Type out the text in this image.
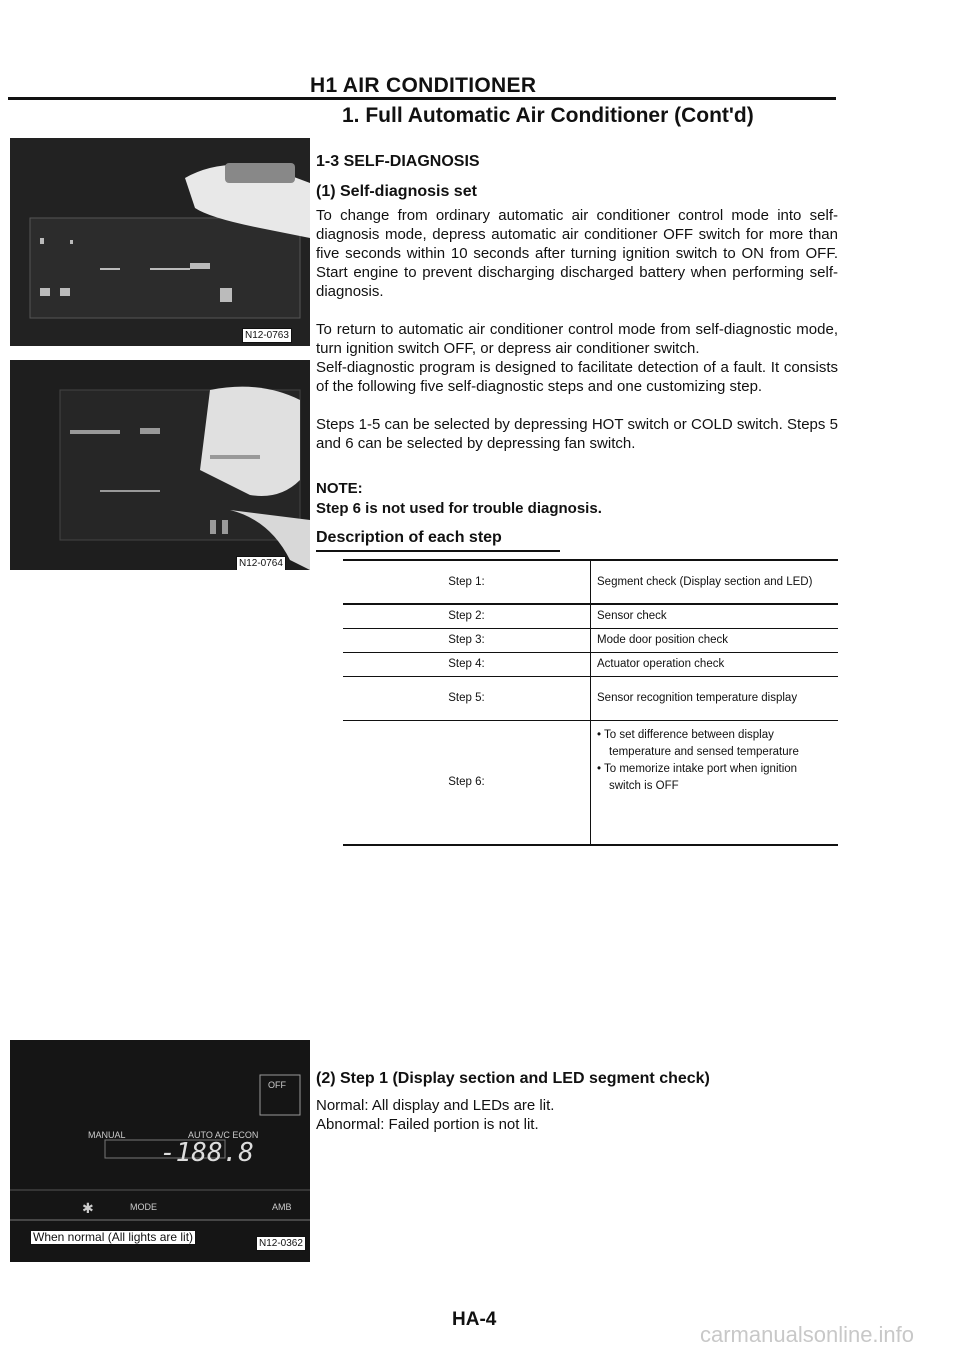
H1 AIR CONDITIONER
1. Full Automatic Air Conditioner (Cont'd)
N12-0763
N12-0764
1-3 SELF-DIAGNOSIS
(1) Self-diagnosis set
To change from ordinary automatic air conditioner control mode into self-diagnosis mode, depress automatic air conditioner OFF switch for more than five seconds within 10 seconds after turning ignition switch to ON from OFF. Start engine to prevent discharging discharged battery when performing self-diagnosis.
To return to automatic air conditioner control mode from self-diagnostic mode, turn ignition switch OFF, or depress air conditioner switch.
Self-diagnostic program is designed to facilitate detection of a fault. It consists of the following five self-diagnostic steps and one customizing step.
Steps 1-5 can be selected by depressing HOT switch or COLD switch. Steps 5 and 6 can be selected by depressing fan switch.
NOTE:
Step 6 is not used for trouble diagnosis.
Description of each step
Step 1:	Segment check (Display section and LED)
Step 2:	Sensor check
Step 3:	Mode door position check
Step 4:	Actuator operation check
Step 5:	Sensor recognition temperature display
Step 6:	• To set difference between display temperature and sensed temperature
• To memorize intake port when ignition switch is OFF
MANUAL	AUTO A/C ECON
-188.8
OFF
✱	MODE	AMB
When normal (All lights are lit)	N12-0362
(2) Step 1 (Display section and LED segment check)
Normal: All display and LEDs are lit.
Abnormal: Failed portion is not lit.
HA-4
carmanualsonline.info
